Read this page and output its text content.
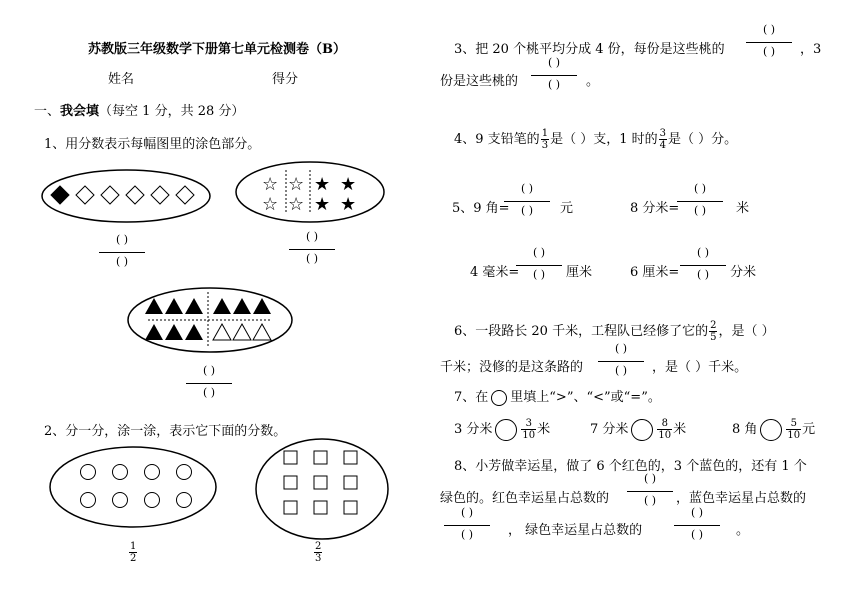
苏教版三年级数学下册第七单元检测卷（B）
姓名	得分
一、我会填（每空 1 分，共 28 分）
1、用分数表示每幅图里的涂色部分。
( )
( )
☆
☆
☆
☆
★
★
★
★
( )
( )
( )
( )
2、分一分，涂一涂，表示它下面的分数。
$\frac{1}{2}$	$\frac{2}{3}$
3、把 20 个桃平均分成 4 份，每份是这些桃的
( )
( )	，3
份是这些桃的
( )
( )	。
4、9 支铅笔的 $\frac{1}{3}$ 是（ ）支，1 时的 $\frac{3}{4}$ 是（ ）分。
5、9 角=
( )
( )	元	8 分米=
( )
( )	米
4 毫米=
( )
( )	厘米	6 厘米=
( )
( )	分米
6、一段路长 20 千米，工程队已经修了它的 $\frac{2}{5}$ ，是（ ）
千米；没修的是这条路的
( )
( )	，是（ ）千米。
7、在 里填上“>”、“<”或“=”。
3 分米	$\frac{3}{10}$ 米	7 分米	$\frac{8}{10}$ 米	8 角	$\frac{5}{10}$ 元
8、小芳做幸运星，做了 6 个红色的，3 个蓝色的，还有 1 个
绿色的。红色幸运星占总数的
( )
( )	，蓝色幸运星占总数的
( )
( )	， 绿色幸运星占总数的
( )
( )	。
